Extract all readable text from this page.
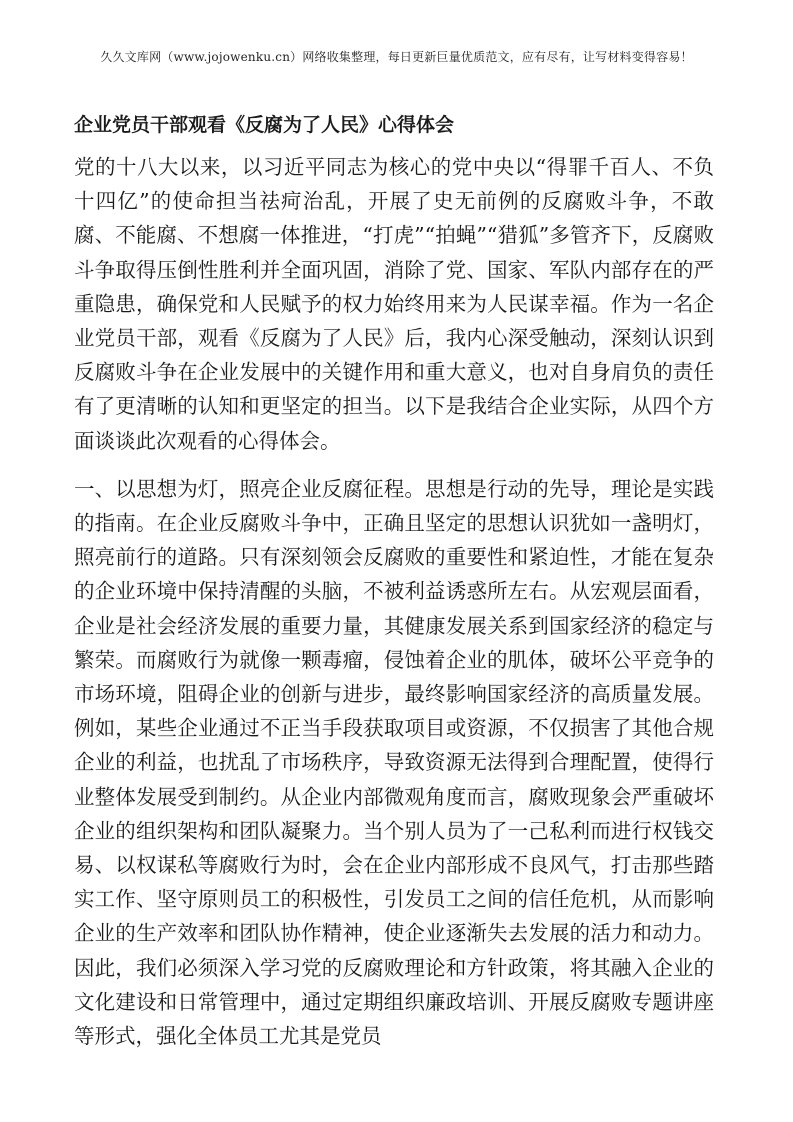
久久文库网（www.jojowenku.cn）网络收集整理，每日更新巨量优质范文，应有尽有，让写材料变得容易！
企业党员干部观看《反腐为了人民》心得体会

党的十八大以来，以习近平同志为核心的党中央以“得罪千百人、不负十四亿”的使命担当祛疴治乱，开展了史无前例的反腐败斗争，不敢腐、不能腐、不想腐一体推进，“打虎”“拍蝇”“猎狐”多管齐下，反腐败斗争取得压倒性胜利并全面巩固，消除了党、国家、军队内部存在的严重隐患，确保党和人民赋予的权力始终用来为人民谋幸福。作为一名企业党员干部，观看《反腐为了人民》后，我内心深受触动，深刻认识到反腐败斗争在企业发展中的关键作用和重大意义，也对自身肩负的责任有了更清晰的认知和更坚定的担当。以下是我结合企业实际，从四个方面谈谈此次观看的心得体会。

一、以思想为灯，照亮企业反腐征程。思想是行动的先导，理论是实践的指南。在企业反腐败斗争中，正确且坚定的思想认识犹如一盏明灯，照亮前行的道路。只有深刻领会反腐败的重要性和紧迫性，才能在复杂的企业环境中保持清醒的头脑，不被利益诱惑所左右。从宏观层面看，企业是社会经济发展的重要力量，其健康发展关系到国家经济的稳定与繁荣。而腐败行为就像一颗毒瘤，侵蚀着企业的肌体，破坏公平竞争的市场环境，阻碍企业的创新与进步，最终影响国家经济的高质量发展。例如，某些企业通过不正当手段获取项目或资源，不仅损害了其他合规企业的利益，也扰乱了市场秩序，导致资源无法得到合理配置，使得行业整体发展受到制约。从企业内部微观角度而言，腐败现象会严重破坏企业的组织架构和团队凝聚力。当个别人员为了一己私利而进行权钱交易、以权谋私等腐败行为时，会在企业内部形成不良风气，打击那些踏实工作、坚守原则员工的积极性，引发员工之间的信任危机，从而影响企业的生产效率和团队协作精神，使企业逐渐失去发展的活力和动力。因此，我们必须深入学习党的反腐败理论和方针政策，将其融入企业的文化建设和日常管理中，通过定期组织廉政培训、开展反腐败专题讲座等形式，强化全体员工尤其是党员
